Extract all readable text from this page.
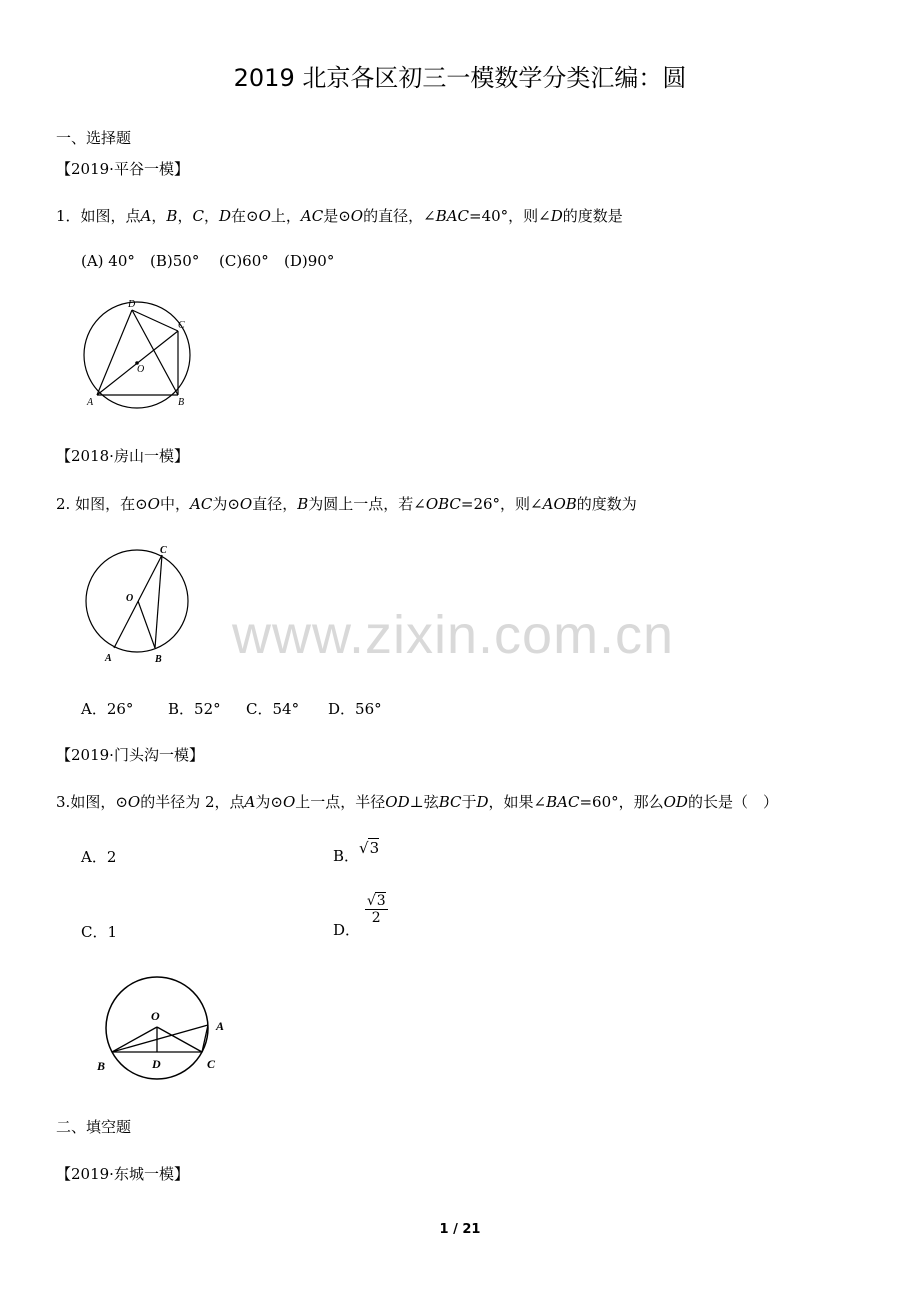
2019 北京各区初三一模数学分类汇编：圆
一、选择题
【2019·平谷一模】
1．如图，点A，B，C，D在⊙O上，AC是⊙O的直径，∠BAC=40°，则∠D的度数是
(A) 40° (B)50° (C)60° (D)90°
D
C
O
A	B
【2018·房山一模】
2. 如图，在⊙O中，AC为⊙O直径，B为圆上一点，若∠OBC=26°，则∠AOB的度数为
C
O
A	B www.zixin.com.cn
A．26° B．52° C．54° D．56°
【2019·门头沟一模】
3.如图，⊙O的半径为 2，点A为⊙O上一点，半径OD⊥弦BC于D，如果∠BAC=60°，那么OD的长是（　）
A．2	B．√3
C．1	D．
$\frac{√3}{2}$
O
A
B	D	C
二、填空题
【2019·东城一模】
1 / 21
